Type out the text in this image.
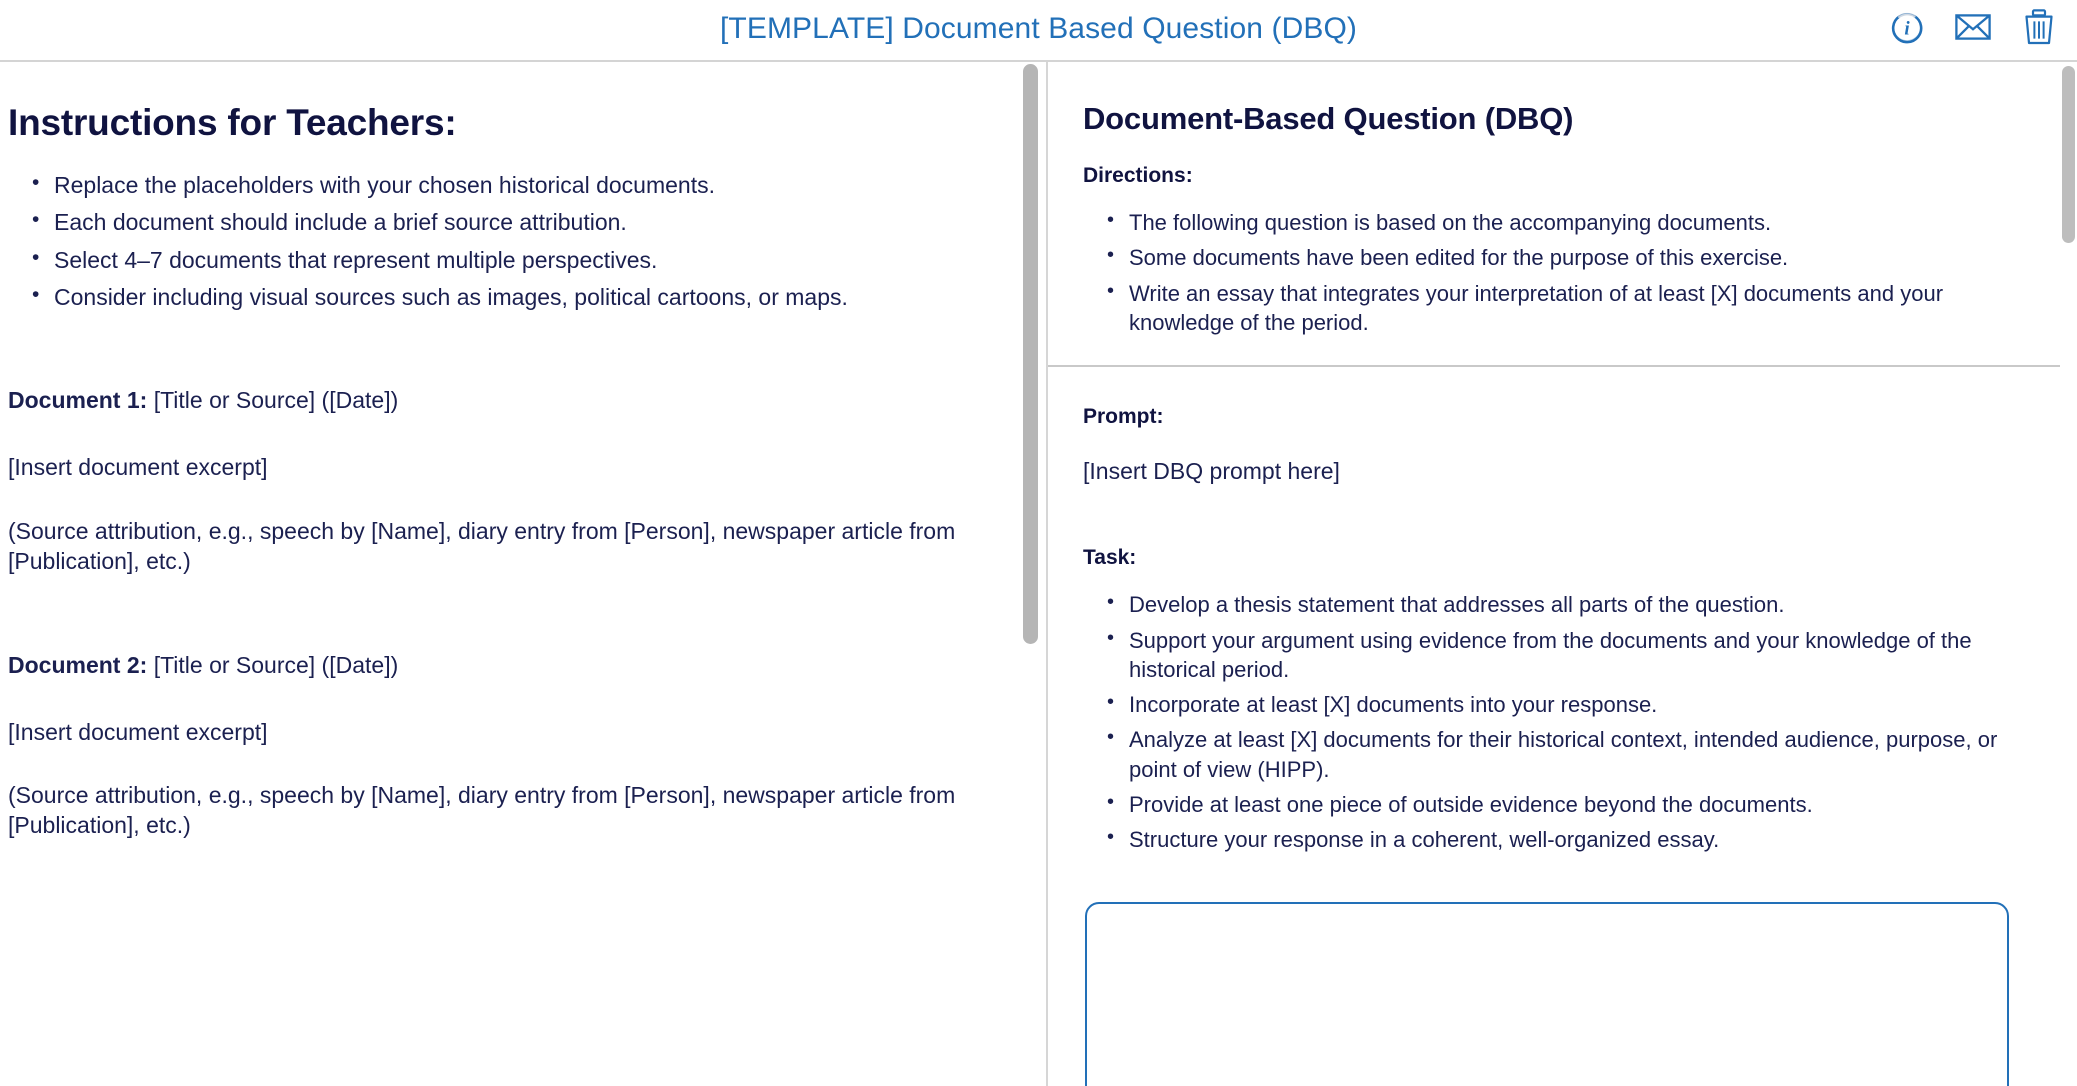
[TEMPLATE] Document Based Question (DBQ)	i
Instructions for Teachers:
• Replace the placeholders with your chosen historical documents.
• Each document should include a brief source attribution.
• Select 4–7 documents that represent multiple perspectives.
• Consider including visual sources such as images, political cartoons, or maps.

Document 1: [Title or Source] ([Date])

[Insert document excerpt]

(Source attribution, e.g., speech by [Name], diary entry from [Person], newspaper article from [Publication], etc.)

Document 2: [Title or Source] ([Date])

[Insert document excerpt]

(Source attribution, e.g., speech by [Name], diary entry from [Person], newspaper article from [Publication], etc.)

Document-Based Question (DBQ)

Directions:

• The following question is based on the accompanying documents.
• Some documents have been edited for the purpose of this exercise.
• Write an essay that integrates your interpretation of at least [X] documents and your knowledge of the period.

Prompt:

[Insert DBQ prompt here]

Task:

• Develop a thesis statement that addresses all parts of the question.
• Support your argument using evidence from the documents and your knowledge of the historical period.
• Incorporate at least [X] documents into your response.
• Analyze at least [X] documents for their historical context, intended audience, purpose, or point of view (HIPP).
• Provide at least one piece of outside evidence beyond the documents.
• Structure your response in a coherent, well-organized essay.
